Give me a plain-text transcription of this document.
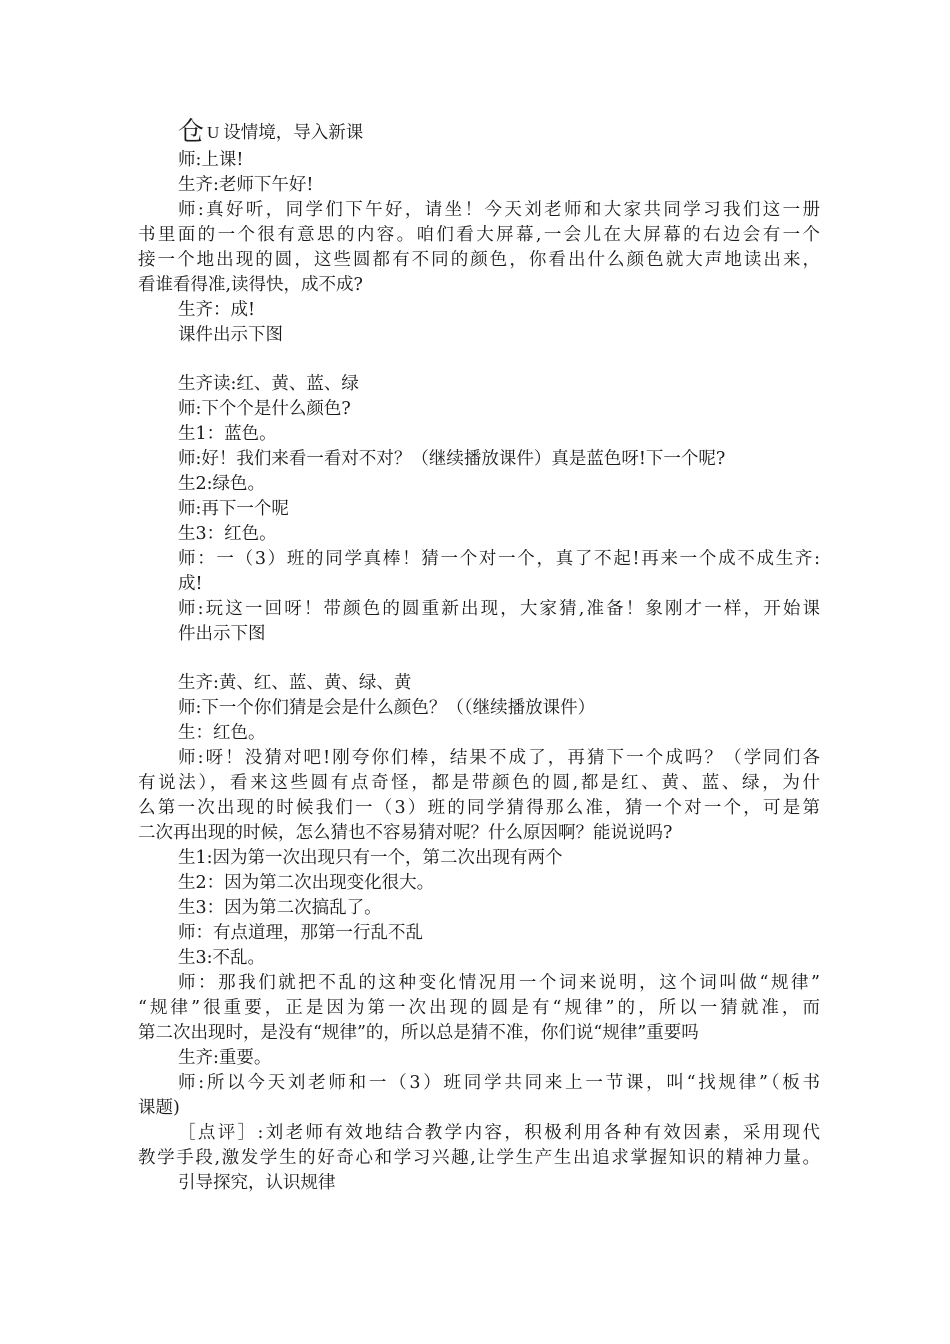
仓 U 设情境，导入新课
师:上课!
生齐:老师下午好!
师:真好听，同学们下午好，请坐！今天刘老师和大家共同学习我们这一册
书里面的一个很有意思的内容。咱们看大屏幕,一会儿在大屏幕的右边会有一个
接一个地出现的圆，这些圆都有不同的颜色，你看出什么颜色就大声地读出来，
看谁看得准,读得快，成不成?
生齐：成!
课件出示下图
生齐读:红、黄、蓝、绿
师:下个个是什么颜色?
生1：蓝色。
师:好！我们来看一看对不对？（继续播放课件）真是蓝色呀!下一个呢?
生2:绿色。
师:再下一个呢
生3：红色。
师：一（3）班的同学真棒！猜一个对一个，真了不起!再来一个成不成生齐:
成!
师:玩这一回呀！带颜色的圆重新出现，大家猜,准备！象刚才一样，开始课
件出示下图
生齐:黄、红、蓝、黄、绿、黄
师:下一个你们猜是会是什么颜色？（（继续播放课件）
生：红色。
师:呀！没猜对吧!刚夸你们棒，结果不成了，再猜下一个成吗？（学同们各
有说法），看来这些圆有点奇怪，都是带颜色的圆,都是红、黄、蓝、绿，为什
么第一次出现的时候我们一（3）班的同学猜得那么准，猜一个对一个，可是第
二次再出现的时候，怎么猜也不容易猜对呢？什么原因啊？能说说吗?
生1:因为第一次出现只有一个，第二次出现有两个
生2：因为第二次出现变化很大。
生3：因为第二次搞乱了。
师：有点道理，那第一行乱不乱
生3:不乱。
师：那我们就把不乱的这种变化情况用一个词来说明，这个词叫做“规律”
“规律”很重要，正是因为第一次出现的圆是有“规律”的，所以一猜就准，而
第二次出现时，是没有“规律”的，所以总是猜不准，你们说“规律”重要吗
生齐:重要。
师:所以今天刘老师和一（3）班同学共同来上一节课，叫“找规律”（板书
课题)
［点评］:刘老师有效地结合教学内容，积极利用各种有效因素，采用现代
教学手段,激发学生的好奇心和学习兴趣,让学生产生出追求掌握知识的精神力量。
引导探究，认识规律
